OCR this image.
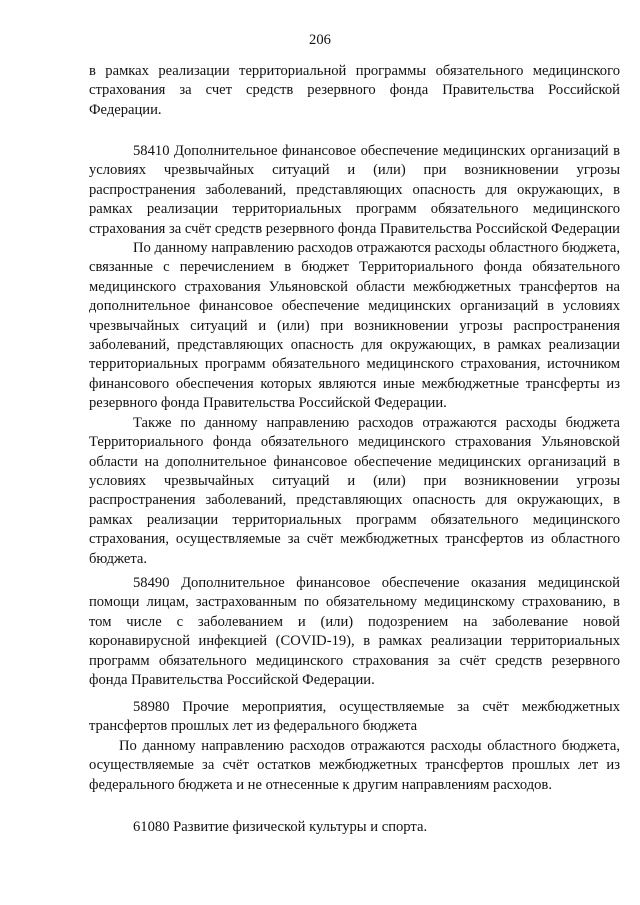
206

в рамках реализации территориальной программы обязательного медицинского страхования за счет средств резервного фонда Правительства Российской Федерации.

58410 Дополнительное финансовое обеспечение медицинских организаций в условиях чрезвычайных ситуаций и (или) при возникновении угрозы распространения заболеваний, представляющих опасность для окружающих, в рамках реализации территориальных программ обязательного медицинского страхования за счёт средств резервного фонда Правительства Российской Федерации

По данному направлению расходов отражаются расходы областного бюджета, связанные с перечислением в бюджет Территориального фонда обязательного медицинского страхования Ульяновской области межбюджетных трансфертов на дополнительное финансовое обеспечение медицинских организаций в условиях чрезвычайных ситуаций и (или) при возникновении угрозы распространения заболеваний, представляющих опасность для окружающих, в рамках реализации территориальных программ обязательного медицинского страхования, источником финансового обеспечения которых являются иные межбюджетные трансферты из резервного фонда Правительства Российской Федерации.

Также по данному направлению расходов отражаются расходы бюджета Территориального фонда обязательного медицинского страхования Ульяновской области на дополнительное финансовое обеспечение медицинских организаций в условиях чрезвычайных ситуаций и (или) при возникновении угрозы распространения заболеваний, представляющих опасность для окружающих, в рамках реализации территориальных программ обязательного медицинского страхования, осуществляемые за счёт межбюджетных трансфертов из областного бюджета.

58490 Дополнительное финансовое обеспечение оказания медицинской помощи лицам, застрахованным по обязательному медицинскому страхованию, в том числе с заболеванием и (или) подозрением на заболевание новой коронавирусной инфекцией (COVID-19), в рамках реализации территориальных программ обязательного медицинского страхования за счёт средств резервного фонда Правительства Российской Федерации.

58980 Прочие мероприятия, осуществляемые за счёт межбюджетных трансфертов прошлых лет из федерального бюджета

По данному направлению расходов отражаются расходы областного бюджета, осуществляемые за счёт остатков межбюджетных трансфертов прошлых лет из федерального бюджета и не отнесенные к другим направлениям расходов.

61080 Развитие физической культуры и спорта.
